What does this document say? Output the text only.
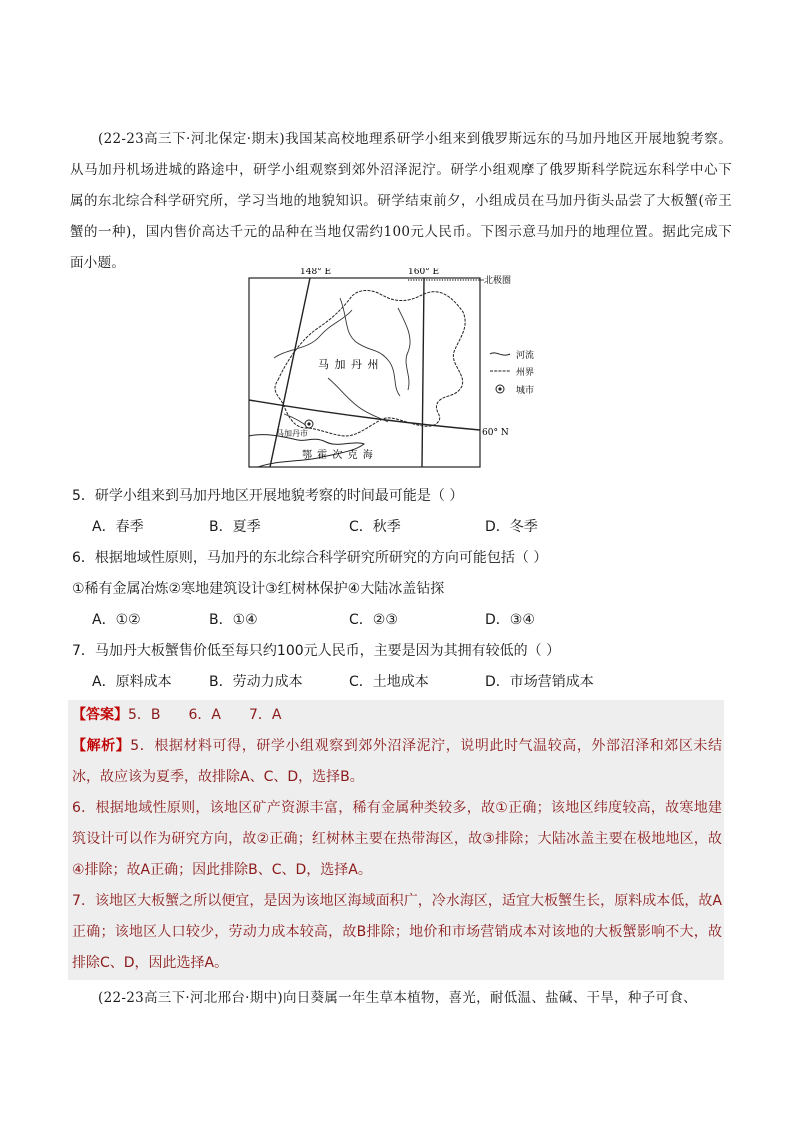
(22-23高三下·河北保定·期末)我国某高校地理系研学小组来到俄罗斯远东的马加丹地区开展地貌考察。从马加丹机场进城的路途中，研学小组观察到郊外沼泽泥泞。研学小组观摩了俄罗斯科学院远东科学中心下属的东北综合科学研究所，学习当地的地貌知识。研学结束前夕，小组成员在马加丹街头品尝了大板蟹(帝王蟹的一种)，国内售价高达千元的品种在当地仅需约100元人民币。下图示意马加丹的地理位置。据此完成下面小题。
148° E	160° E
北极圈
60° N
马加丹市
马 加 丹 州
鄂 霍 次 克 海
河流
州界
城市
5．研学小组来到马加丹地区开展地貌考察的时间最可能是（ ）
A．春季	B．夏季	C．秋季	D．冬季
6．根据地域性原则，马加丹的东北综合科学研究所研究的方向可能包括（ ）
①稀有金属冶炼②寒地建筑设计③红树林保护④大陆冰盖钻探
A．①②	B．①④	C．②③	D．③④
7．马加丹大板蟹售价低至每只约100元人民币，主要是因为其拥有较低的（ ）
A．原料成本	B．劳动力成本	C．土地成本	D．市场营销成本
【答案】5．B　　6．A　　7．A
【解析】5．根据材料可得，研学小组观察到郊外沼泽泥泞，说明此时气温较高，外部沼泽和郊区未结冰，故应该为夏季，故排除A、C、D，选择B。
6．根据地域性原则，该地区矿产资源丰富，稀有金属种类较多，故①正确；该地区纬度较高，故寒地建筑设计可以作为研究方向，故②正确；红树林主要在热带海区，故③排除；大陆冰盖主要在极地地区，故④排除；故A正确；因此排除B、C、D，选择A。
7．该地区大板蟹之所以便宜，是因为该地区海域面积广，冷水海区，适宜大板蟹生长，原料成本低，故A正确；该地区人口较少，劳动力成本较高，故B排除；地价和市场营销成本对该地的大板蟹影响不大，故排除C、D，因此选择A。
(22-23高三下·河北邢台·期中)向日葵属一年生草本植物，喜光，耐低温、盐碱、干旱，种子可食、
